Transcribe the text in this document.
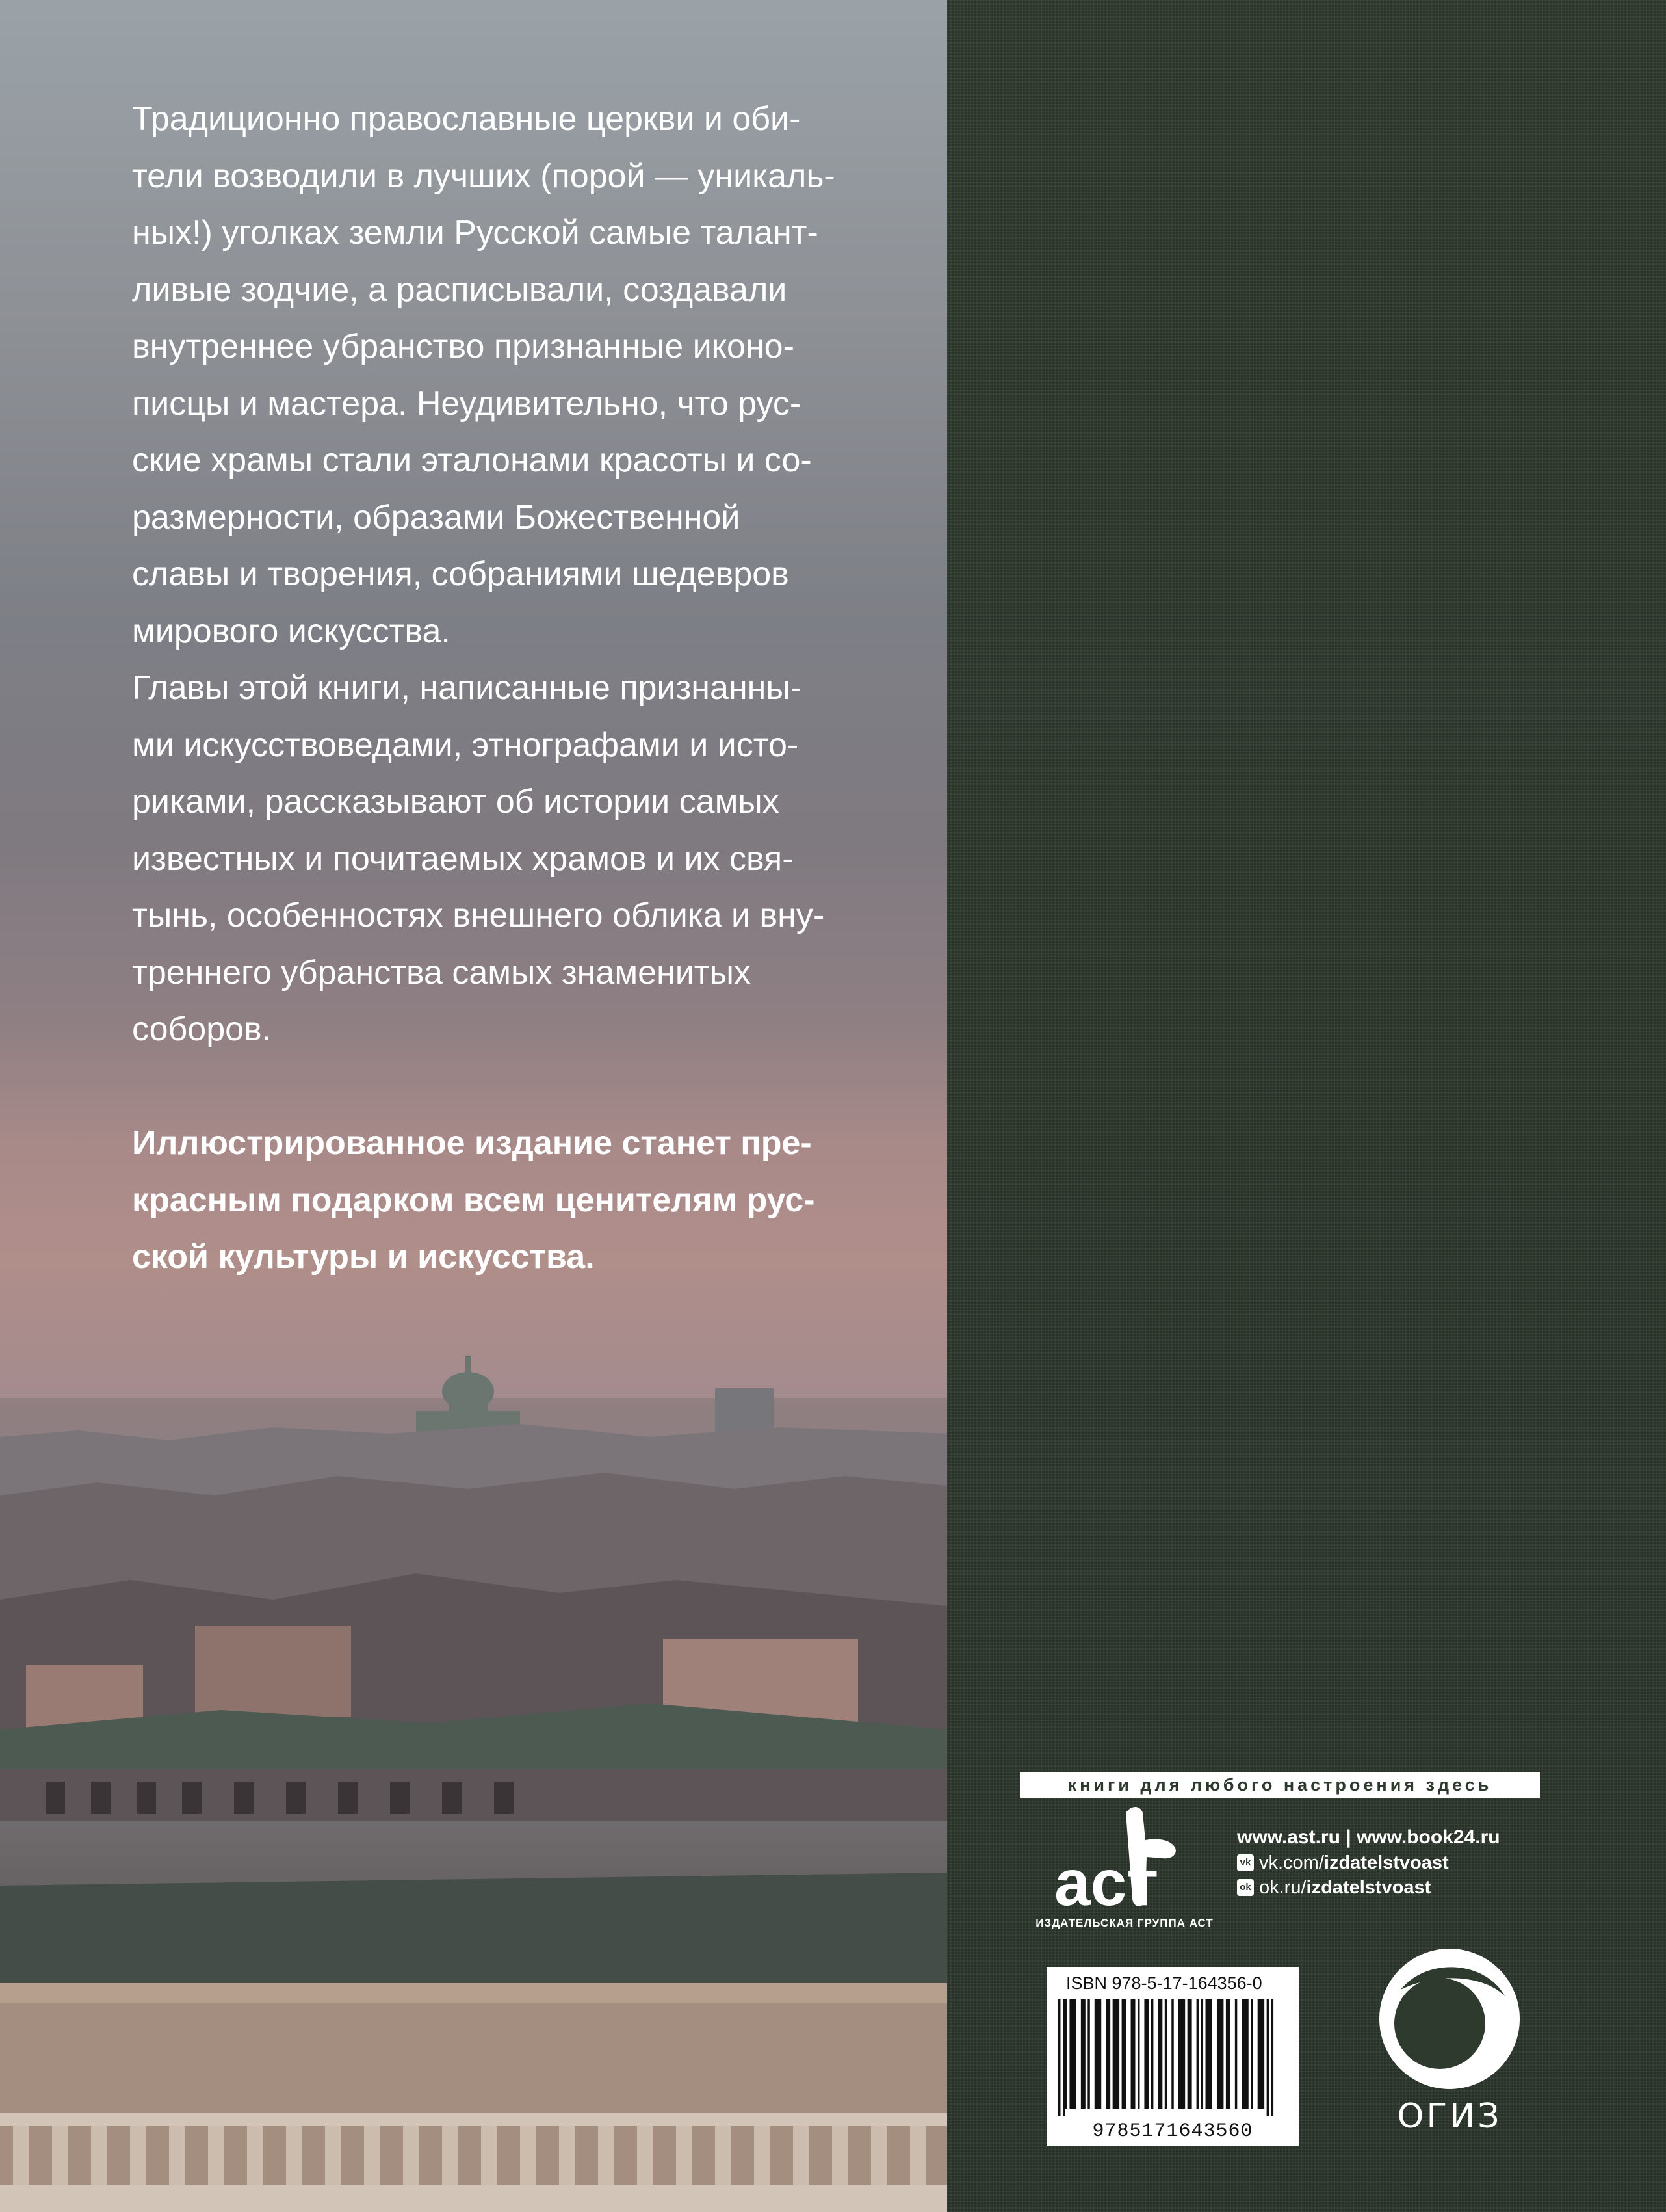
Традиционно православные церкви и оби-
тели возводили в лучших (порой — уникаль-
ных!) уголках земли Русской самые талант-
ливые зодчие, а расписывали, создавали
внутреннее убранство признанные иконо-
писцы и мастера. Неудивительно, что рус-
ские храмы стали эталонами красоты и со-
размерности, образами Божественной
славы и творения, собраниями шедевров
мирового искусства.
Главы этой книги, написанные признанны-
ми искусствоведами, этнографами и исто-
риками, рассказывают об истории самых
известных и почитаемых храмов и их свя-
тынь, особенностях внешнего облика и вну-
треннего убранства самых знаменитых
соборов.
Иллюстрированное издание станет пре-
красным подарком всем ценителям рус-
ской культуры и искусства.
книги для любого настроения здесь
аст
ИЗДАТЕЛЬСКАЯ ГРУППА АСТ
www.ast.ru | www.book24.ru
vk vk.com/ izdatelstvoast
ok ok.ru/ izdatelstvoast
ISBN 978-5-17-164356-0
9785171643560	ОГИЗ
